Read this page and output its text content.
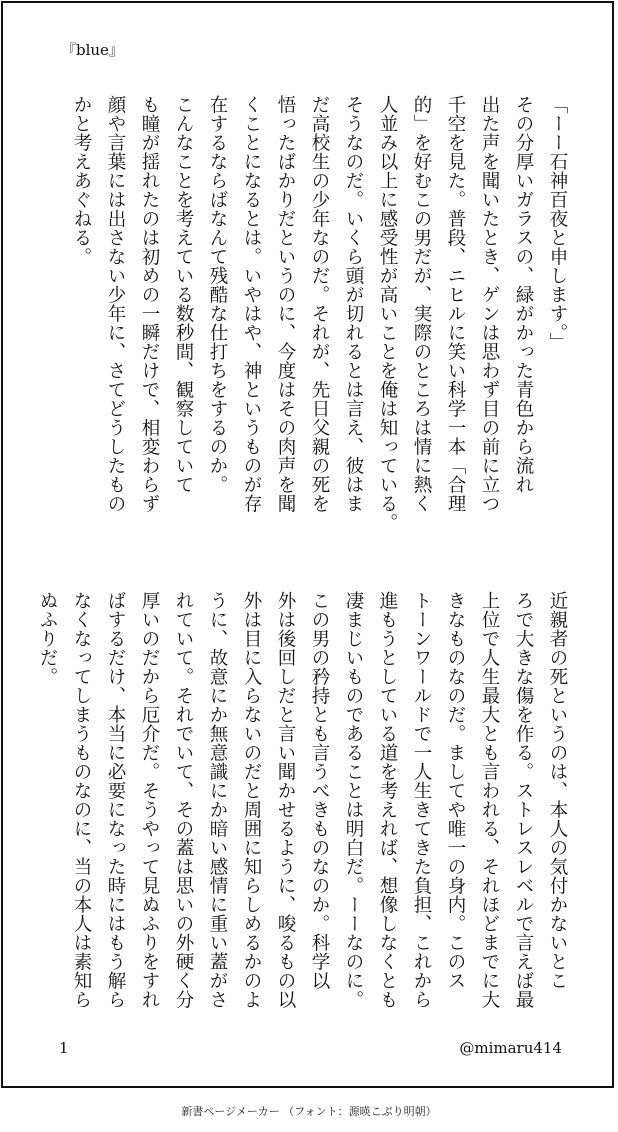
『blue』

「ーー石神百夜と申します。」

その分厚いガラスの、緑がかった青色から流れ

出た声を聞いたとき、ゲンは思わず目の前に立つ

千空を見た。普段、ニヒルに笑い科学一本「合理

的」を好むこの男だが、実際のところは情に熱く

人並み以上に感受性が高いことを俺は知っている。

そうなのだ。いくら頭が切れるとは言え、彼はま

だ高校生の少年なのだ。それが、先日父親の死を

悟ったばかりだというのに、今度はその肉声を聞

くことになるとは。いやはや、神というものが存

在するならばなんて残酷な仕打ちをするのか。

こんなことを考えている数秒間、観察していて

も瞳が揺れたのは初めの一瞬だけで、相変わらず

顔や言葉には出さない少年に、さてどうしたもの

かと考えあぐねる。

近親者の死というのは、本人の気付かないとこ

ろで大きな傷を作る。ストレスレベルで言えば最

上位で人生最大とも言われる、それほどまでに大

きなものなのだ。ましてや唯一の身内。このス

トーンワールドで一人生きてきた負担、これから

進もうとしている道を考えれば、想像しなくとも

凄まじいものであることは明白だ。ーーなのに。

この男の矜持とも言うべきものなのか。科学以

外は後回しだと言い聞かせるように、唆るもの以

外は目に入らないのだと周囲に知らしめるかのよ

うに、故意にか無意識にか暗い感情に重い蓋がさ

れていて。それでいて、その蓋は思いの外硬く分

厚いのだから厄介だ。そうやって見ぬふりをすれ

ばするだけ、本当に必要になった時にはもう解ら

なくなってしまうものなのに、当の本人は素知ら

ぬふりだ。

1	@mimaru414
新書ページメーカー （フォント：源暎こぶり明朝）
